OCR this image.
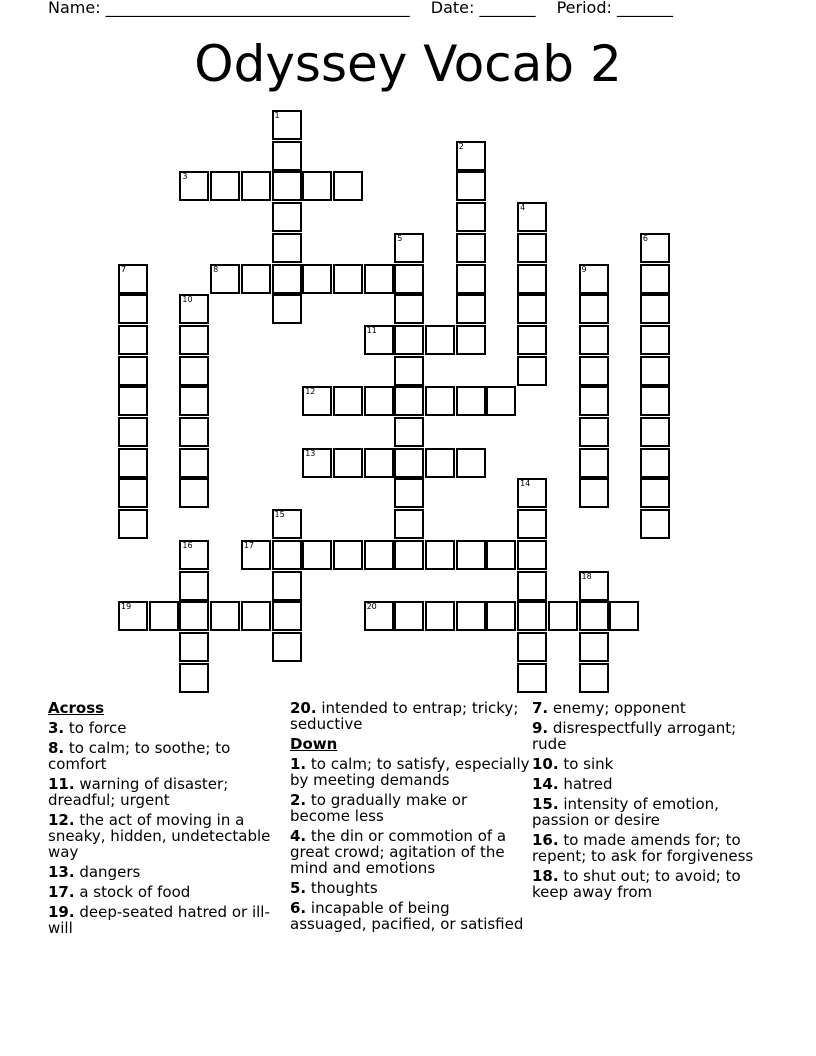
Name: ______________________________________ Date: _______ Period: _______
Odyssey Vocab 2
1
2
3
4
5	6
7	8	9
10
11
12
13
14
15
16	17
18
19	20
Across
3. to force
8. to calm; to soothe; to comfort
11. warning of disaster; dreadful; urgent
12. the act of moving in a sneaky, hidden, undetectable way
13. dangers
17. a stock of food
19. deep-seated hatred or ill-will
20. intended to entrap; tricky; seductive
Down
1. to calm; to satisfy, especially by meeting demands
2. to gradually make or become less
4. the din or commotion of a great crowd; agitation of the mind and emotions
5. thoughts
6. incapable of being assuaged, pacified, or satisfied
7. enemy; opponent
9. disrespectfully arrogant; rude
10. to sink
14. hatred
15. intensity of emotion, passion or desire
16. to made amends for; to repent; to ask for forgiveness
18. to shut out; to avoid; to keep away from
